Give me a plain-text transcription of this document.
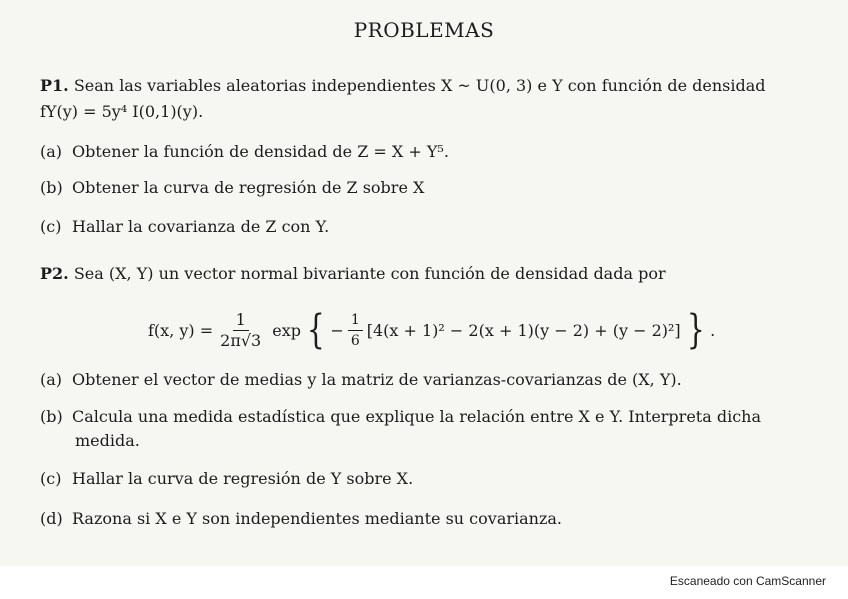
PROBLEMAS
P1. Sean las variables aleatorias independientes X ~ U(0, 3) e Y con función de densidad
fY(y) = 5y⁴ I(0,1)(y).
(a) Obtener la función de densidad de Z = X + Y⁵.
(b) Obtener la curva de regresión de Z sobre X
(c) Hallar la covarianza de Z con Y.
P2. Sea (X, Y) un vector normal bivariante con función de densidad dada por
f(x, $y) = \frac{1}{2\pi√3}$ exp { − $\frac{1}{6} [4(x + 1)^2 - 2(x + 1)(y - 2) + (y - 2)^2]$ } .
(a) Obtener el vector de medias y la matriz de varianzas-covarianzas de (X, Y).
(b) Calcula una medida estadística que explique la relación entre X e Y. Interpreta dicha
medida.
(c) Hallar la curva de regresión de Y sobre X.
(d) Razona si X e Y son independientes mediante su covarianza.
Escaneado con CamScanner
